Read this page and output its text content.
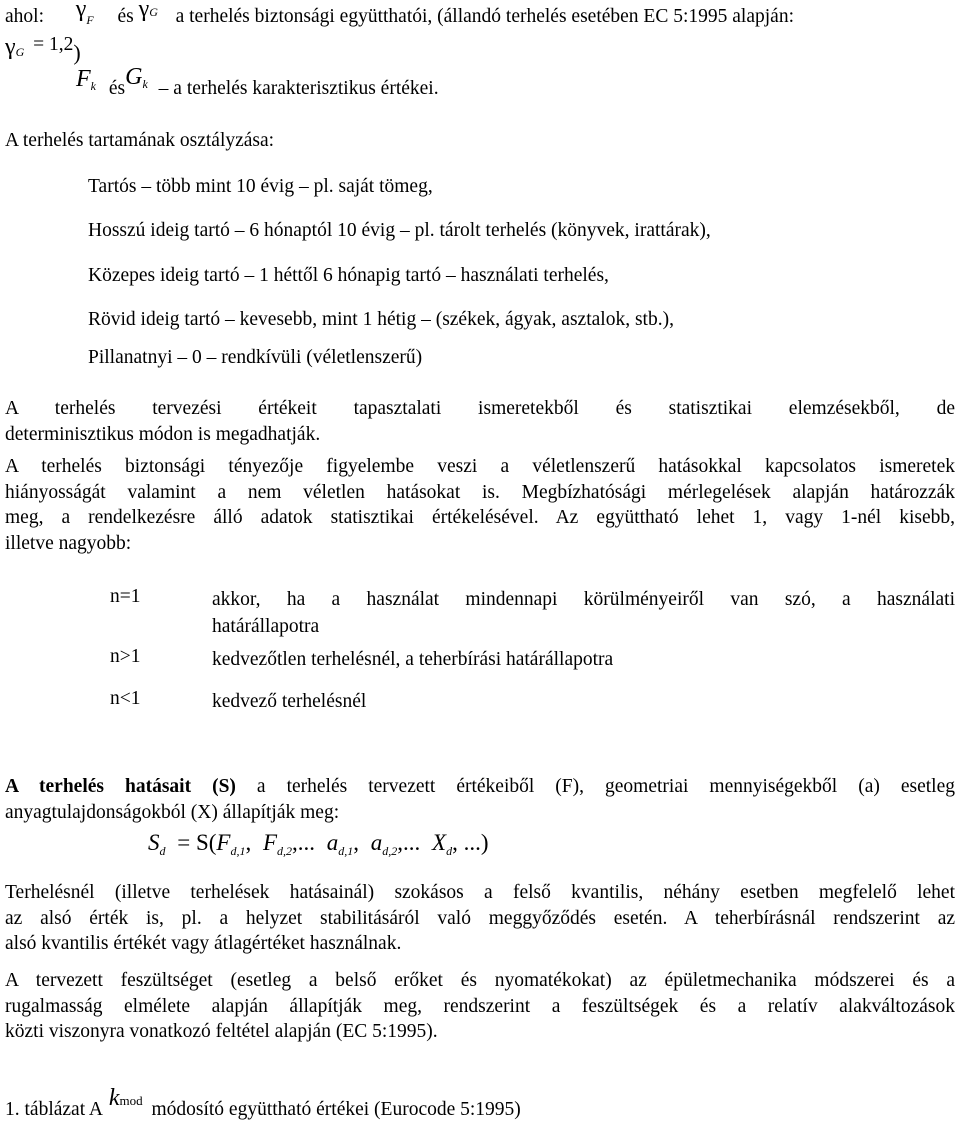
ahol: γF és $\gamma^G$ a terhelés biztonsági együtthatói, (állandó terhelés esetében EC 5:1995 alapján:
γG = 1,2)
$F^k$ ésG$^k$ – a terhelés karakterisztikus értékei.
A terhelés tartamának osztályzása:
Tartós – több mint 10 évig – pl. saját tömeg,
Hosszú ideig tartó – 6 hónaptól 10 évig – pl. tárolt terhelés (könyvek, irattárak),
Közepes ideig tartó – 1 héttől 6 hónapig tartó – használati terhelés,
Rövid ideig tartó – kevesebb, mint 1 hétig – (székek, ágyak, asztalok, stb.),
Pillanatnyi – 0 – rendkívüli (véletlenszerű)
A terhelés tervezési értékeit tapasztalati ismeretekből és statisztikai elemzésekből, de
determinisztikus módon is megadhatják.
A terhelés biztonsági tényezője figyelembe veszi a véletlenszerű hatásokkal kapcsolatos ismeretek
hiányosságát valamint a nem véletlen hatásokat is. Megbízhatósági mérlegelések alapján határozzák
meg, a rendelkezésre álló adatok statisztikai értékelésével. Az együttható lehet 1, vagy 1-nél kisebb,
illetve nagyobb:
n=1	akkor, ha a használat mindennapi körülményeiről van szó, a használati
határállapotra
n>1	kedvezőtlen terhelésnél, a teherbírási határállapotra
n<1	kedvező terhelésnél
A terhelés hatásait (S) a terhelés tervezett értékeiből (F), geometriai mennyiségekből (a) esetleg
anyagtulajdonságokból (X) állapítják meg:
$S_d = S(F_{d,1}$, $F_{d,2}$,... $a_{d,1}$, $a_{d,2}$,... $X_d$, ...)
Terhelésnél (illetve terhelések hatásainál) szokásos a felső kvantilis, néhány esetben megfelelő lehet
az alsó érték is, pl. a helyzet stabilitásáról való meggyőződés esetén. A teherbírásnál rendszerint az
alsó kvantilis értékét vagy átlagértéket használnak.
A tervezett feszültséget (esetleg a belső erőket és nyomatékokat) az épületmechanika módszerei és a
rugalmasság elmélete alapján állapítják meg, rendszerint a feszültségek és a relatív alakváltozások
közti viszonyra vonatkozó feltétel alapján (EC 5:1995).
1. táblázat A $k^{mod}$ módosító együttható értékei (Eurocode 5:1995)
